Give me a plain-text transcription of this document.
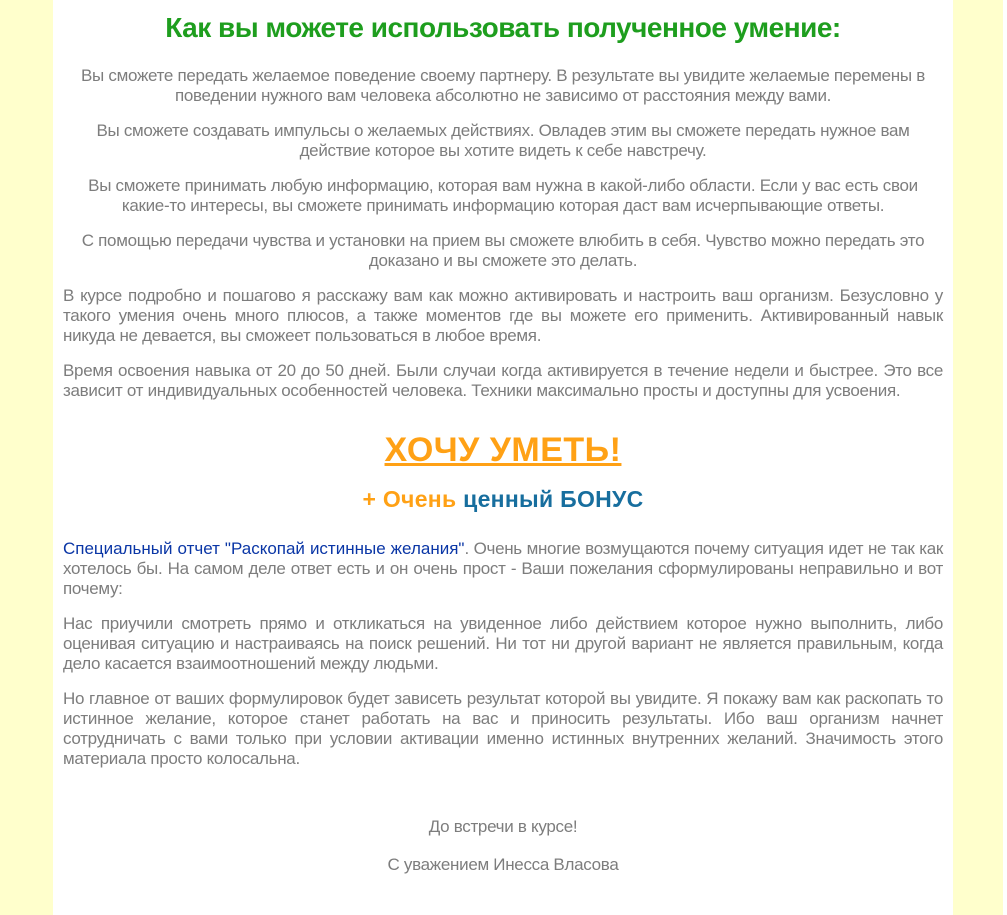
Как вы можете использовать полученное умение:

Вы сможете передать желаемое поведение своему партнеру. В результате вы увидите желаемые перемены в поведении нужного вам человека абсолютно не зависимо от расстояния между вами.

Вы сможете создавать импульсы о желаемых действиях. Овладев этим вы сможете передать нужное вам действие которое вы хотите видеть к себе навстречу.

Вы сможете принимать любую информацию, которая вам нужна в какой-либо области. Если у вас есть свои какие-то интересы, вы сможете принимать информацию которая даст вам исчерпывающие ответы.

С помощью передачи чувства и установки на прием вы сможете влюбить в себя. Чувство можно передать это доказано и вы сможете это делать.

В курсе подробно и пошагово я расскажу вам как можно активировать и настроить ваш организм. Безусловно у такого умения очень много плюсов, а также моментов где вы можете его применить. Активированный навык никуда не девается, вы сможеет пользоваться в любое время.

Время освоения навыка от 20 до 50 дней. Были случаи когда активируется в течение недели и быстрее. Это все зависит от индивидуальных особенностей человека. Техники максимально просты и доступны для усвоения.

ХОЧУ УМЕТЬ!
+ Очень ценный БОНУС

Специальный отчет "Раскопай истинные желания". Очень многие возмущаются почему ситуация идет не так как хотелось бы. На самом деле ответ есть и он очень прост - Ваши пожелания сформулированы неправильно и вот почему:

Нас приучили смотреть прямо и откликаться на увиденное либо действием которое нужно выполнить, либо оценивая ситуацию и настраиваясь на поиск решений. Ни тот ни другой вариант не является правильным, когда дело касается взаимоотношений между людьми.

Но главное от ваших формулировок будет зависеть результат которой вы увидите. Я покажу вам как раскопать то истинное желание, которое станет работать на вас и приносить результаты. Ибо ваш организм начнет сотрудничать с вами только при условии активации именно истинных внутренних желаний. Значимость этого материала просто колосальна.

До встречи в курсе!

С уважением Инесса Власова
